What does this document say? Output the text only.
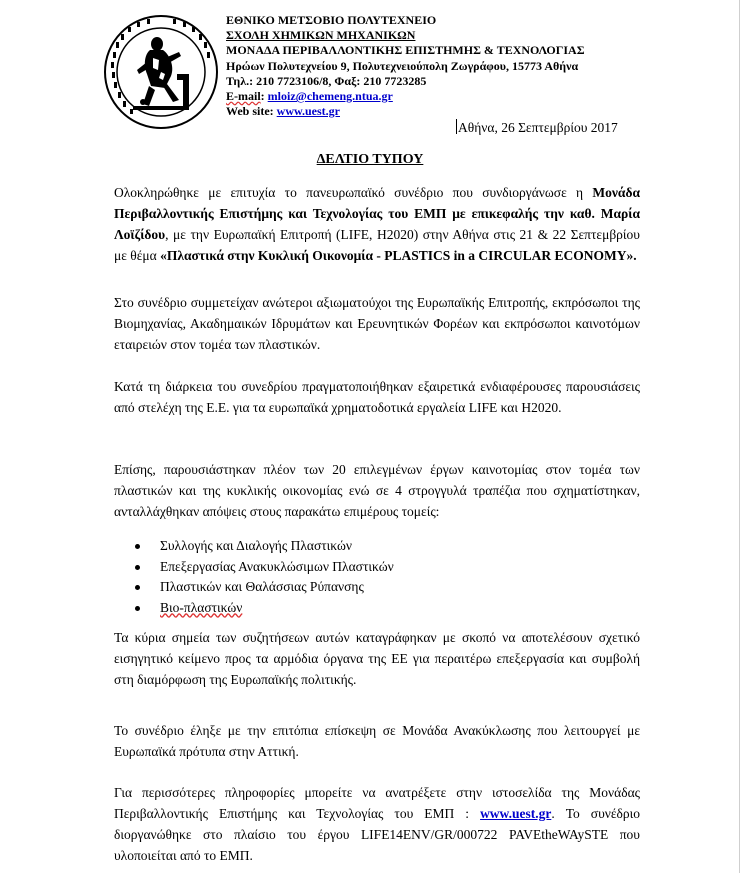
ΕΘΝΙΚΟ ΜΕΤΣΟΒΙΟ ΠΟΛΥΤΕΧΝΕΙΟ
ΣΧΟΛΗ ΧΗΜΙΚΩΝ ΜΗΧΑΝΙΚΩΝ
ΜΟΝΑΔΑ ΠΕΡΙΒΑΛΛΟΝΤΙΚΗΣ ΕΠΙΣΤΗΜΗΣ & ΤΕΧΝΟΛΟΓΙΑΣ
Ηρώων Πολυτεχνείου 9, Πολυτεχνειούπολη Ζωγράφου, 15773 Αθήνα
Τηλ.: 210 7723106/8, Φαξ: 210 7723285
E-mail: mloiz@chemeng.ntua.gr
Web site: www.uest.gr
Αθήνα, 26 Σεπτεμβρίου 2017
ΔΕΛΤΙΟ ΤΥΠΟΥ
Ολοκληρώθηκε με επιτυχία το πανευρωπαϊκό συνέδριο που συνδιοργάνωσε η Μονάδα Περιβαλλοντικής Επιστήμης και Τεχνολογίας του ΕΜΠ με επικεφαλής την καθ. Μαρία Λοϊζίδου, με την Ευρωπαϊκή Επιτροπή (LIFE, H2020) στην Αθήνα στις 21 & 22 Σεπτεμβρίου με θέμα «Πλαστικά στην Κυκλική Οικονομία - PLASTICS in a CIRCULAR ECONOMY».
Στο συνέδριο συμμετείχαν ανώτεροι αξιωματούχοι της Ευρωπαϊκής Επιτροπής, εκπρόσωποι της Βιομηχανίας, Ακαδημαικών Ιδρυμάτων και Ερευνητικών Φορέων και εκπρόσωποι καινοτόμων εταιρειών στον τομέα των πλαστικών.
Κατά τη διάρκεια του συνεδρίου πραγματοποιήθηκαν εξαιρετικά ενδιαφέρουσες παρουσιάσεις από στελέχη της Ε.Ε. για τα ευρωπαϊκά χρηματοδοτικά εργαλεία LIFE και H2020.
Επίσης, παρουσιάστηκαν πλέον των 20 επιλεγμένων έργων καινοτομίας στον τομέα των πλαστικών και της κυκλικής οικονομίας ενώ σε 4 στρογγυλά τραπέζια που σχηματίστηκαν, ανταλλάχθηκαν απόψεις στους παρακάτω επιμέρους τομείς:
Συλλογής και Διαλογής Πλαστικών
Επεξεργασίας Ανακυκλώσιμων Πλαστικών
Πλαστικών και Θαλάσσιας Ρύπανσης
Βιο-πλαστικών
Τα κύρια σημεία των συζητήσεων αυτών καταγράφηκαν με σκοπό να αποτελέσουν σχετικό εισηγητικό κείμενο προς τα αρμόδια όργανα της ΕΕ για περαιτέρω επεξεργασία και συμβολή στη διαμόρφωση της Ευρωπαϊκής πολιτικής.
Το συνέδριο έληξε με την επιτόπια επίσκεψη σε Μονάδα Ανακύκλωσης που λειτουργεί με Ευρωπαϊκά πρότυπα στην Αττική.
Για περισσότερες πληροφορίες μπορείτε να ανατρέξετε στην ιστοσελίδα της Μονάδας Περιβαλλοντικής Επιστήμης και Τεχνολογίας του ΕΜΠ : www.uest.gr. Το συνέδριο διοργανώθηκε στο πλαίσιο του έργου LIFE14ENV/GR/000722 PAVEtheWAySTE που υλοποιείται από το ΕΜΠ.
